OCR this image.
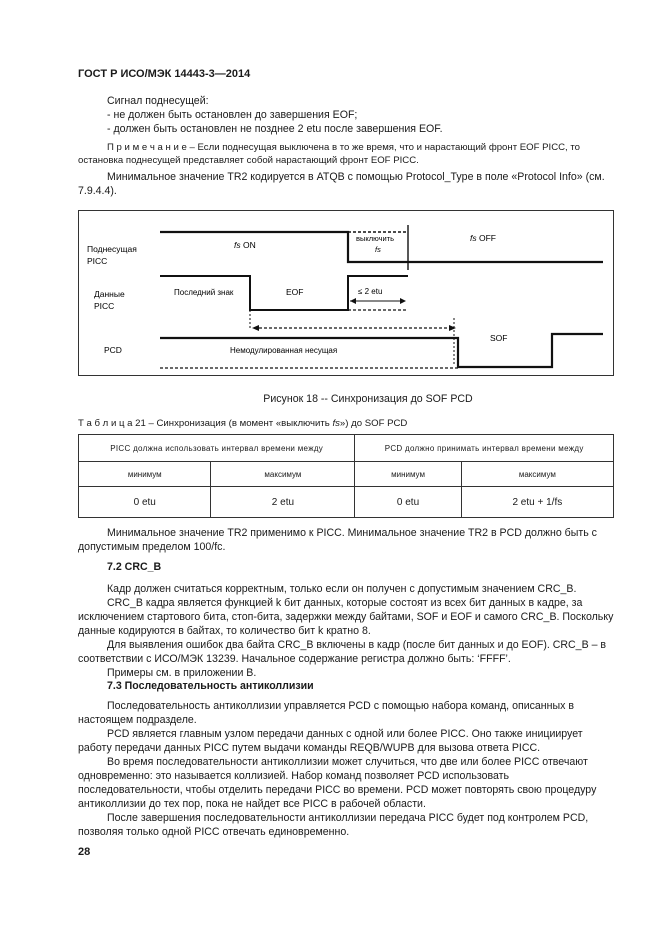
ГОСТ Р ИСО/МЭК 14443-3—2014

Сигнал поднесущей:

- не должен быть остановлен до завершения EOF;

- должен быть остановлен не позднее 2 etu после завершения EOF.

П р и м е ч а н и е – Если поднесущая выключена в то же время, что и нарастающий фронт EOF PICC, то остановка поднесущей представляет собой нарастающий фронт EOF PICC.

Минимальное значение TR2 кодируется в ATQB с помощью Protocol_Type в поле «Protocol Info» (см. 7.9.4.4).

Поднесущая
PICC
Данные
PICC
PCD
fs ON
выключить
fs
fs OFF
Последний знак	EOF	≤ 2 etu
Немодулированная несущая
SOF
Рисунок 18 -- Синхронизация до SOF PCD
Т а б л и ц а 21 – Синхронизация (в момент «выключить fs») до SOF PCD
PICC должна использовать интервал времени между		PCD должно принимать интервал времени между	
минимум	максимум	минимум	максимум
0 etu	2 etu	0 etu	2 etu + 1/fs

Минимальное значение TR2 применимо к PICC. Минимальное значение TR2 в PCD должно быть с допустимым пределом 100/fc.

7.2 CRC_B

Кадр должен считаться корректным, только если он получен с допустимым значением CRC_B.

CRC_B кадра является функцией k бит данных, которые состоят из всех бит данных в кадре, за исключением стартового бита, стоп-бита, задержки между байтами, SOF и EOF и самого CRC_B. Поскольку данные кодируются в байтах, то количество бит k кратно 8.

Для выявления ошибок два байта CRC_B включены в кадр (после бит данных и до EOF). CRC_B – в соответствии с ИСО/МЭК 13239. Начальное содержание регистра должно быть: ‘FFFF’.

Примеры см. в приложении В.

7.3 Последовательность антиколлизии

Последовательность антиколлизии управляется PCD с помощью набора команд, описанных в настоящем подразделе.

PCD является главным узлом передачи данных с одной или более PICC. Оно также инициирует работу передачи данных PICC путем выдачи команды REQB/WUPB для вызова ответа PICC.

Во время последовательности антиколлизии может случиться, что две или более PICC отвечают одновременно: это называется коллизией. Набор команд позволяет PCD использовать последовательности, чтобы отделить передачи PICC во времени. PCD может повторять свою процедуру антиколлизии до тех пор, пока не найдет все PICC в рабочей области.

После завершения последовательности антиколлизии передача PICC будет под контролем PCD, позволяя только одной PICC отвечать единовременно.

28
